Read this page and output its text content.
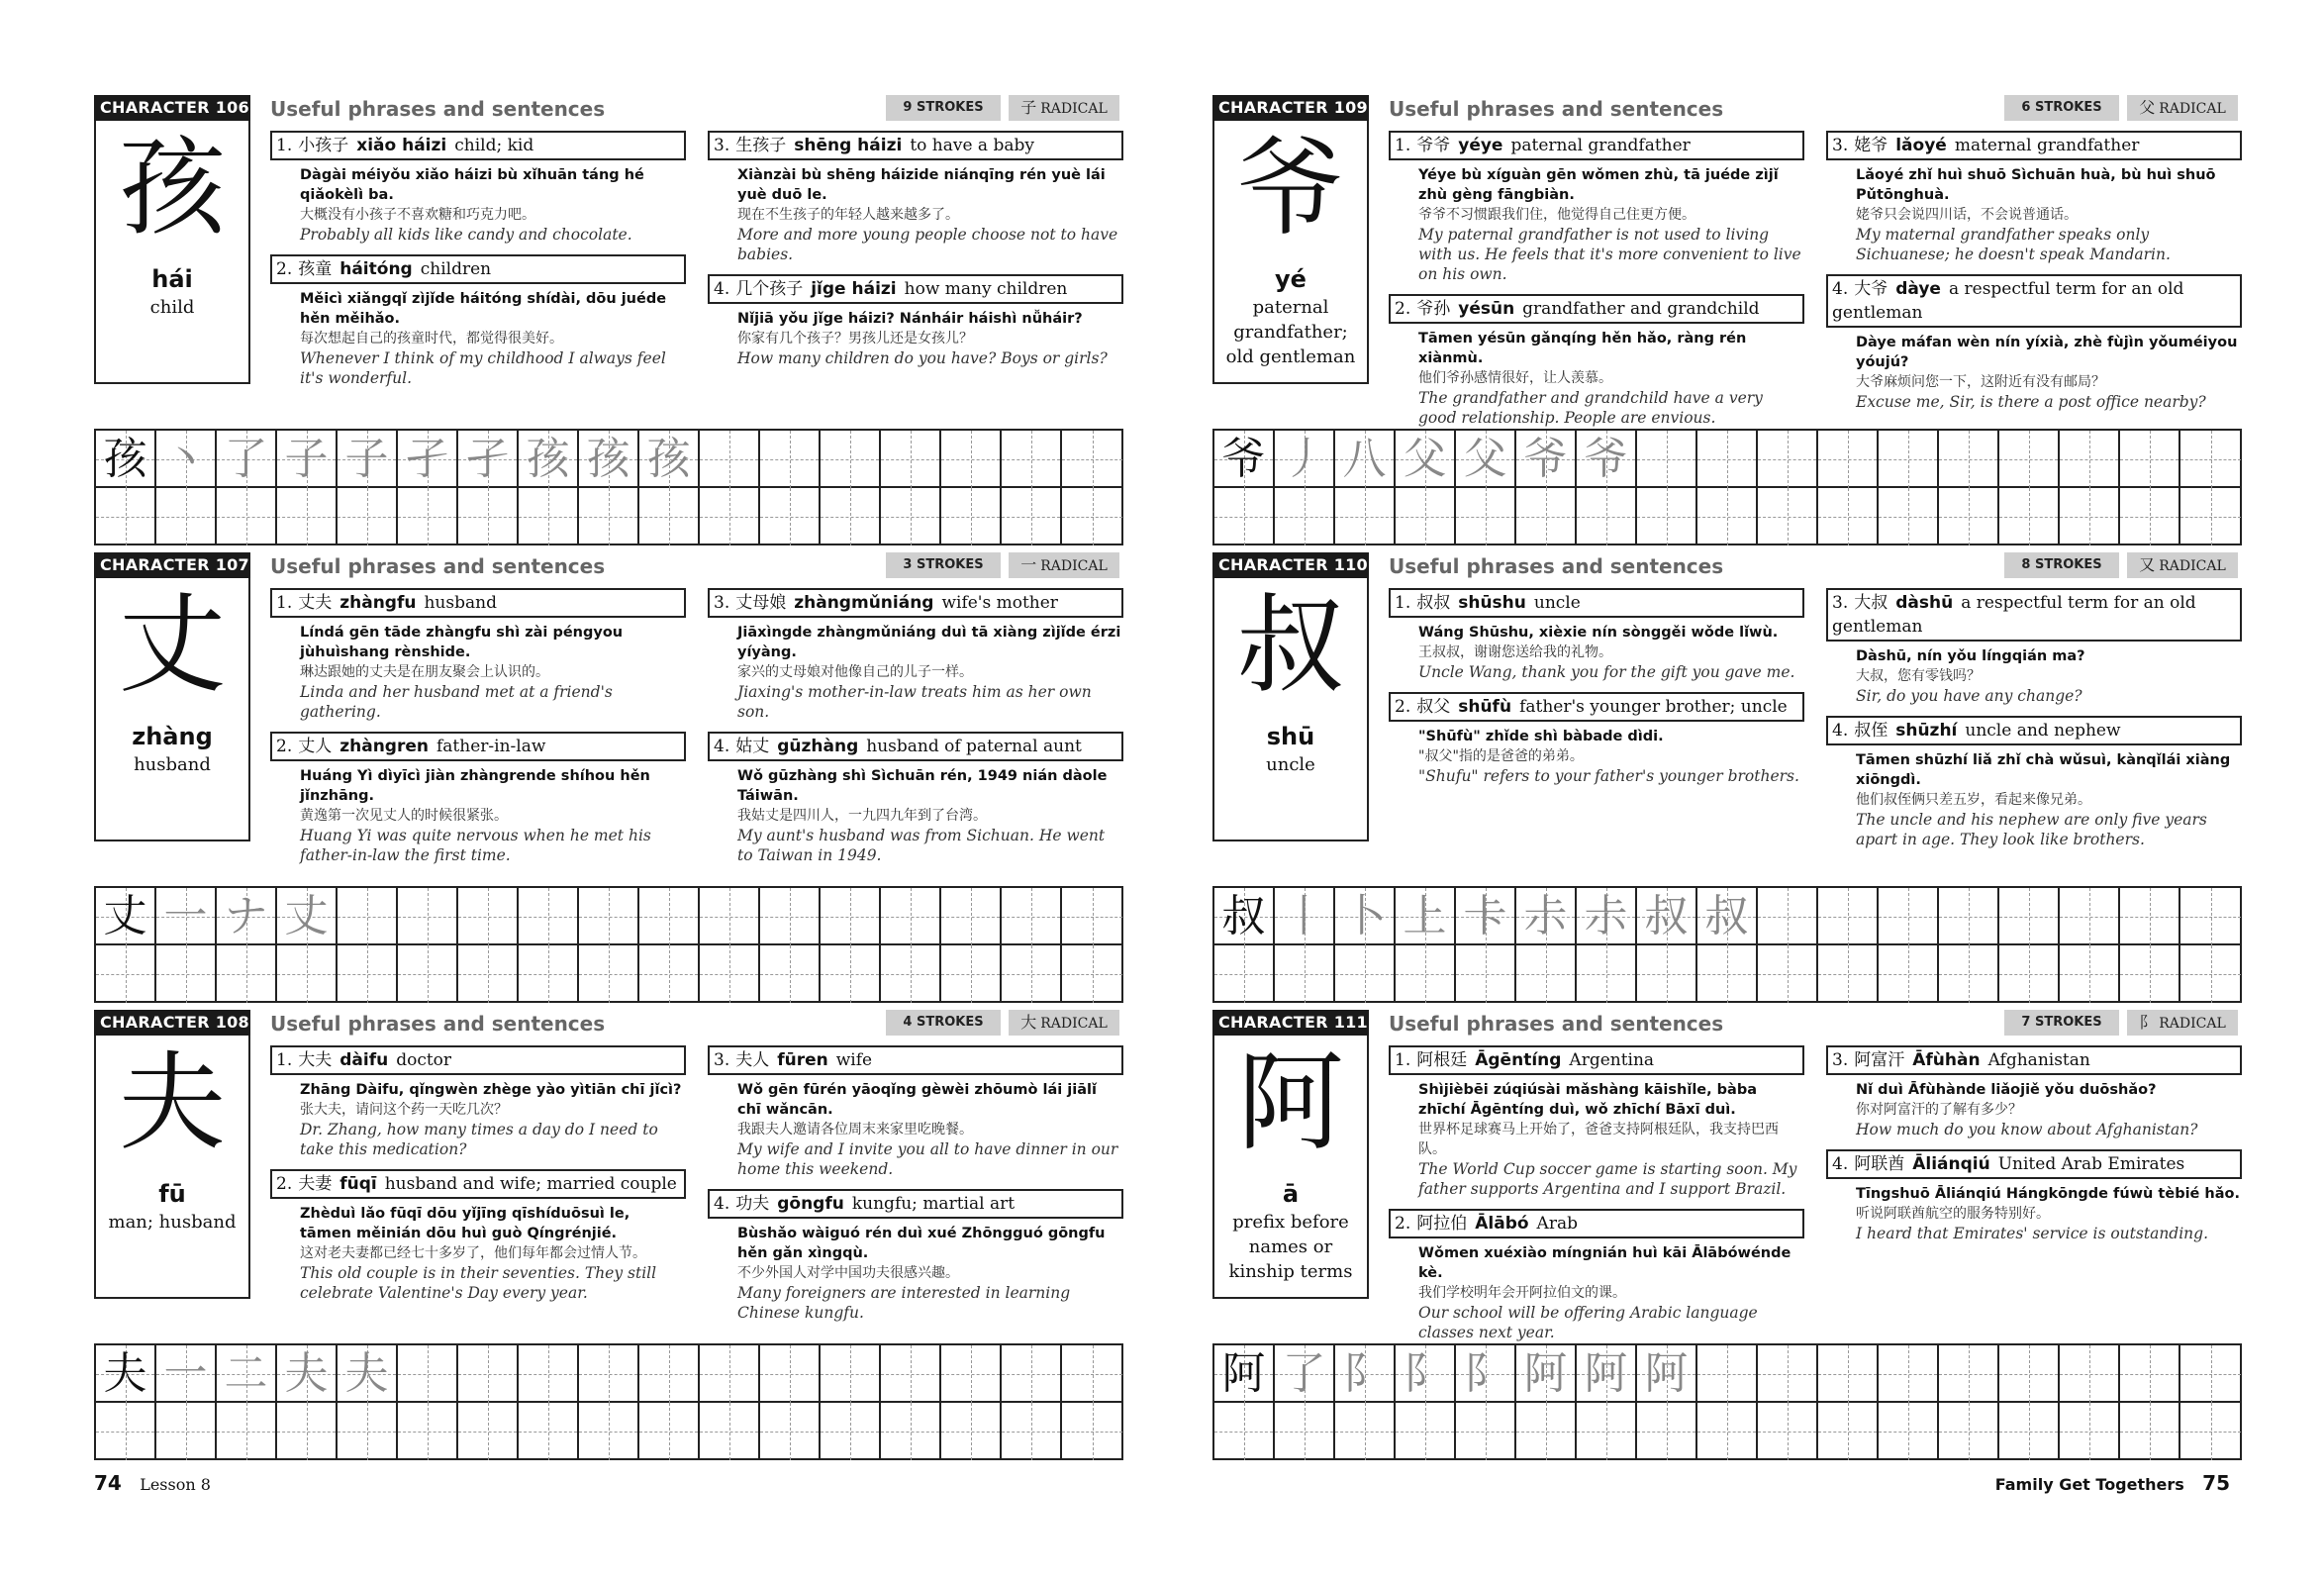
CHARACTER 106
孩
hái
child
Useful phrases and sentences	9 STROKES	子 RADICAL
1. 小孩子 xiǎo háizi child; kid
Dàgài méiyǒu xiǎo háizi bù xǐhuān táng hé qiǎokèlì ba.
大概没有小孩子不喜欢糖和巧克力吧。
Probably all kids like candy and chocolate.
2. 孩童 háitóng children
Měicì xiǎngqǐ zìjǐde háitóng shídài, dōu juéde hěn měihǎo.
每次想起自己的孩童时代，都觉得很美好。
Whenever I think of my childhood I always feel it's wonderful.
3. 生孩子 shēng háizi to have a baby
Xiànzài bù shēng háizide niánqīng rén yuè lái yuè duō le.
现在不生孩子的年轻人越来越多了。
More and more young people choose not to have babies.
4. 几个孩子 jǐge háizi how many children
Nǐjiā yǒu jǐge háizi? Nánháir háishì nǚháir?
你家有几个孩子？男孩儿还是女孩儿？
How many children do you have? Boys or girls?
孩 丶 了 子 子 孑 孑 孩 孩 孩
CHARACTER 107
丈
zhàng
husband
Useful phrases and sentences	3 STROKES	一 RADICAL
1. 丈夫 zhàngfu husband
Líndá gēn tāde zhàngfu shì zài péngyou jùhuìshang rènshide.
琳达跟她的丈夫是在朋友聚会上认识的。
Linda and her husband met at a friend's gathering.
2. 丈人 zhàngren father-in-law
Huáng Yì dìyīcì jiàn zhàngrende shíhou hěn jǐnzhāng.
黄逸第一次见丈人的时候很紧张。
Huang Yi was quite nervous when he met his father-in-law the first time.
3. 丈母娘 zhàngmǔniáng wife's mother
Jiāxìngde zhàngmǔniáng duì tā xiàng zìjǐde érzi yíyàng.
家兴的丈母娘对他像自己的儿子一样。
Jiaxing's mother-in-law treats him as her own son.
4. 姑丈 gūzhàng husband of paternal aunt
Wǒ gūzhàng shì Sìchuān rén, 1949 nián dàole Táiwān.
我姑丈是四川人，一九四九年到了台湾。
My aunt's husband was from Sichuan. He went to Taiwan in 1949.
丈 一 ナ 丈
CHARACTER 108
夫
fū
man; husband
Useful phrases and sentences	4 STROKES	大 RADICAL
1. 大夫 dàifu doctor
Zhāng Dàifu, qǐngwèn zhège yào yìtiān chī jǐcì?
张大夫，请问这个药一天吃几次？
Dr. Zhang, how many times a day do I need to take this medication?
2. 夫妻 fūqī husband and wife; married couple
Zhèduì lǎo fūqī dōu yǐjīng qīshíduōsuì le, tāmen měinián dōu huì guò Qíngrénjié.
这对老夫妻都已经七十多岁了，他们每年都会过情人节。
This old couple is in their seventies. They still celebrate Valentine's Day every year.
3. 夫人 fūren wife
Wǒ gēn fūrén yāoqǐng gèwèi zhōumò lái jiālǐ chī wǎncān.
我跟夫人邀请各位周末来家里吃晚餐。
My wife and I invite you all to have dinner in our home this weekend.
4. 功夫 gōngfu kungfu; martial art
Bùshǎo wàiguó rén duì xué Zhōngguó gōngfu hěn gǎn xìngqù.
不少外国人对学中国功夫很感兴趣。
Many foreigners are interested in learning Chinese kungfu.
夫 一 二 夫 夫
CHARACTER 109
爷
yé
paternal grandfather; old gentleman
Useful phrases and sentences	6 STROKES	父 RADICAL
1. 爷爷 yéye paternal grandfather
Yéye bù xíguàn gēn wǒmen zhù, tā juéde zìjǐ zhù gèng fāngbiàn.
爷爷不习惯跟我们住，他觉得自己住更方便。
My paternal grandfather is not used to living with us. He feels that it's more convenient to live on his own.
2. 爷孙 yésūn grandfather and grandchild
Tāmen yésūn gǎnqíng hěn hǎo, ràng rén xiànmù.
他们爷孙感情很好，让人羡慕。
The grandfather and grandchild have a very good relationship. People are envious.
3. 姥爷 lǎoyé maternal grandfather
Lǎoyé zhǐ huì shuō Sìchuān huà, bù huì shuō Pǔtōnghuà.
姥爷只会说四川话，不会说普通话。
My maternal grandfather speaks only Sichuanese; he doesn't speak Mandarin.
4. 大爷 dàye a respectful term for an old gentleman
Dàye máfan wèn nín yíxià, zhè fùjìn yǒuméiyou yóujú?
大爷麻烦问您一下，这附近有没有邮局？
Excuse me, Sir, is there a post office nearby?
爷 丿 八 父 父 爷 爷
CHARACTER 110
叔
shū
uncle
Useful phrases and sentences	8 STROKES	又 RADICAL
1. 叔叔 shūshu uncle
Wáng Shūshu, xièxie nín sònggěi wǒde lǐwù.
王叔叔，谢谢您送给我的礼物。
Uncle Wang, thank you for the gift you gave me.
2. 叔父 shūfù father's younger brother; uncle
"Shūfù" zhǐde shì bàbade dìdi.
"叔父"指的是爸爸的弟弟。
"Shufu" refers to your father's younger brothers.
3. 大叔 dàshū a respectful term for an old gentleman
Dàshū, nín yǒu língqián ma?
大叔，您有零钱吗？
Sir, do you have any change?
4. 叔侄 shūzhí uncle and nephew
Tāmen shūzhí liǎ zhǐ chà wǔsuì, kànqǐlái xiàng xiōngdì.
他们叔侄俩只差五岁，看起来像兄弟。
The uncle and his nephew are only five years apart in age. They look like brothers.
叔 丨 卜 上 卡 尗 尗 叔 叔
CHARACTER 111
阿
ā
prefix before names or kinship terms
Useful phrases and sentences	7 STROKES	阝 RADICAL
1. 阿根廷 Āgēntíng Argentina
Shìjièbēi zúqiúsài mǎshàng kāishǐle, bàba zhīchí Āgēntíng duì, wǒ zhīchí Bāxī duì.
世界杯足球赛马上开始了，爸爸支持阿根廷队，我支持巴西队。
The World Cup soccer game is starting soon. My father supports Argentina and I support Brazil.
2. 阿拉伯 Ālābó Arab
Wǒmen xuéxiào míngnián huì kāi Ālābówénde kè.
我们学校明年会开阿拉伯文的课。
Our school will be offering Arabic language classes next year.
3. 阿富汗 Āfùhàn Afghanistan
Nǐ duì Āfùhànde liǎojiě yǒu duōshǎo?
你对阿富汗的了解有多少？
How much do you know about Afghanistan?
4. 阿联酋 Āliánqiú United Arab Emirates
Tīngshuō Āliánqiú Hángkōngde fúwù tèbié hǎo.
听说阿联酋航空的服务特别好。
I heard that Emirates' service is outstanding.
阿 了 阝 阝 阝 阿 阿 阿
74 Lesson 8	Family Get Togethers 75
